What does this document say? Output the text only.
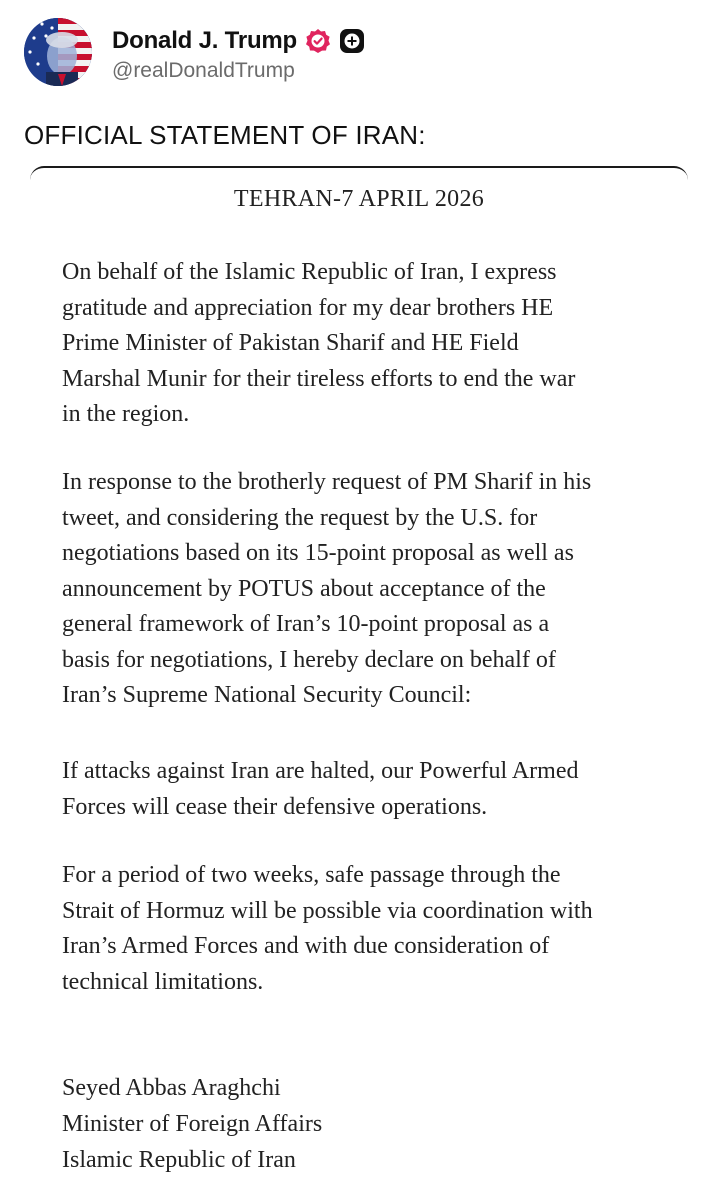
Donald J. Trump
@realDonaldTrump
OFFICIAL STATEMENT OF IRAN:
TEHRAN-7 APRIL 2026
On behalf of the Islamic Republic of Iran, I express
gratitude and appreciation for my dear brothers HE
Prime Minister of Pakistan Sharif and HE Field
Marshal Munir for their tireless efforts to end the war
in the region.
In response to the brotherly request of PM Sharif in his
tweet, and considering the request by the U.S. for
negotiations based on its 15-point proposal as well as
announcement by POTUS about acceptance of the
general framework of Iran’s 10-point proposal as a
basis for negotiations, I hereby declare on behalf of
Iran’s Supreme National Security Council:
If attacks against Iran are halted, our Powerful Armed
Forces will cease their defensive operations.
For a period of two weeks, safe passage through the
Strait of Hormuz will be possible via coordination with
Iran’s Armed Forces and with due consideration of
technical limitations.
Seyed Abbas Araghchi
Minister of Foreign Affairs
Islamic Republic of Iran
